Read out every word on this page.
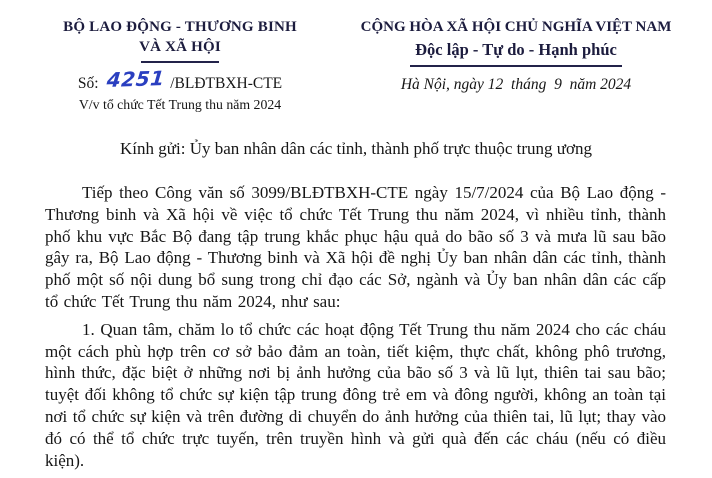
BỘ LAO ĐỘNG - THƯƠNG BINH
VÀ XÃ HỘI
Số: 4251 /BLĐTBXH-CTE
V/v tổ chức Tết Trung thu năm 2024
CỘNG HÒA XÃ HỘI CHỦ NGHĨA VIỆT NAM
Độc lập - Tự do - Hạnh phúc
Hà Nội, ngày 12  tháng  9  năm 2024
Kính gửi: Ủy ban nhân dân các tỉnh, thành phố trực thuộc trung ương

Tiếp theo Công văn số 3099/BLĐTBXH-CTE ngày 15/7/2024 của Bộ Lao động - Thương binh và Xã hội về việc tổ chức Tết Trung thu năm 2024, vì nhiều tỉnh, thành phố khu vực Bắc Bộ đang tập trung khắc phục hậu quả do bão số 3 và mưa lũ sau bão gây ra, Bộ Lao động - Thương binh và Xã hội đề nghị Ủy ban nhân dân các tỉnh, thành phố một số nội dung bổ sung trong chỉ đạo các Sở, ngành và Ủy ban nhân dân các cấp tổ chức Tết Trung thu năm 2024, như sau:

1. Quan tâm, chăm lo tổ chức các hoạt động Tết Trung thu năm 2024 cho các cháu một cách phù hợp trên cơ sở bảo đảm an toàn, tiết kiệm, thực chất, không phô trương, hình thức, đặc biệt ở những nơi bị ảnh hưởng của bão số 3 và lũ lụt, thiên tai sau bão; tuyệt đối không tổ chức sự kiện tập trung đông trẻ em và đông người, không an toàn tại nơi tổ chức sự kiện và trên đường di chuyển do ảnh hưởng của thiên tai, lũ lụt; thay vào đó có thể tổ chức trực tuyến, trên truyền hình và gửi quà đến các cháu (nếu có điều kiện).
